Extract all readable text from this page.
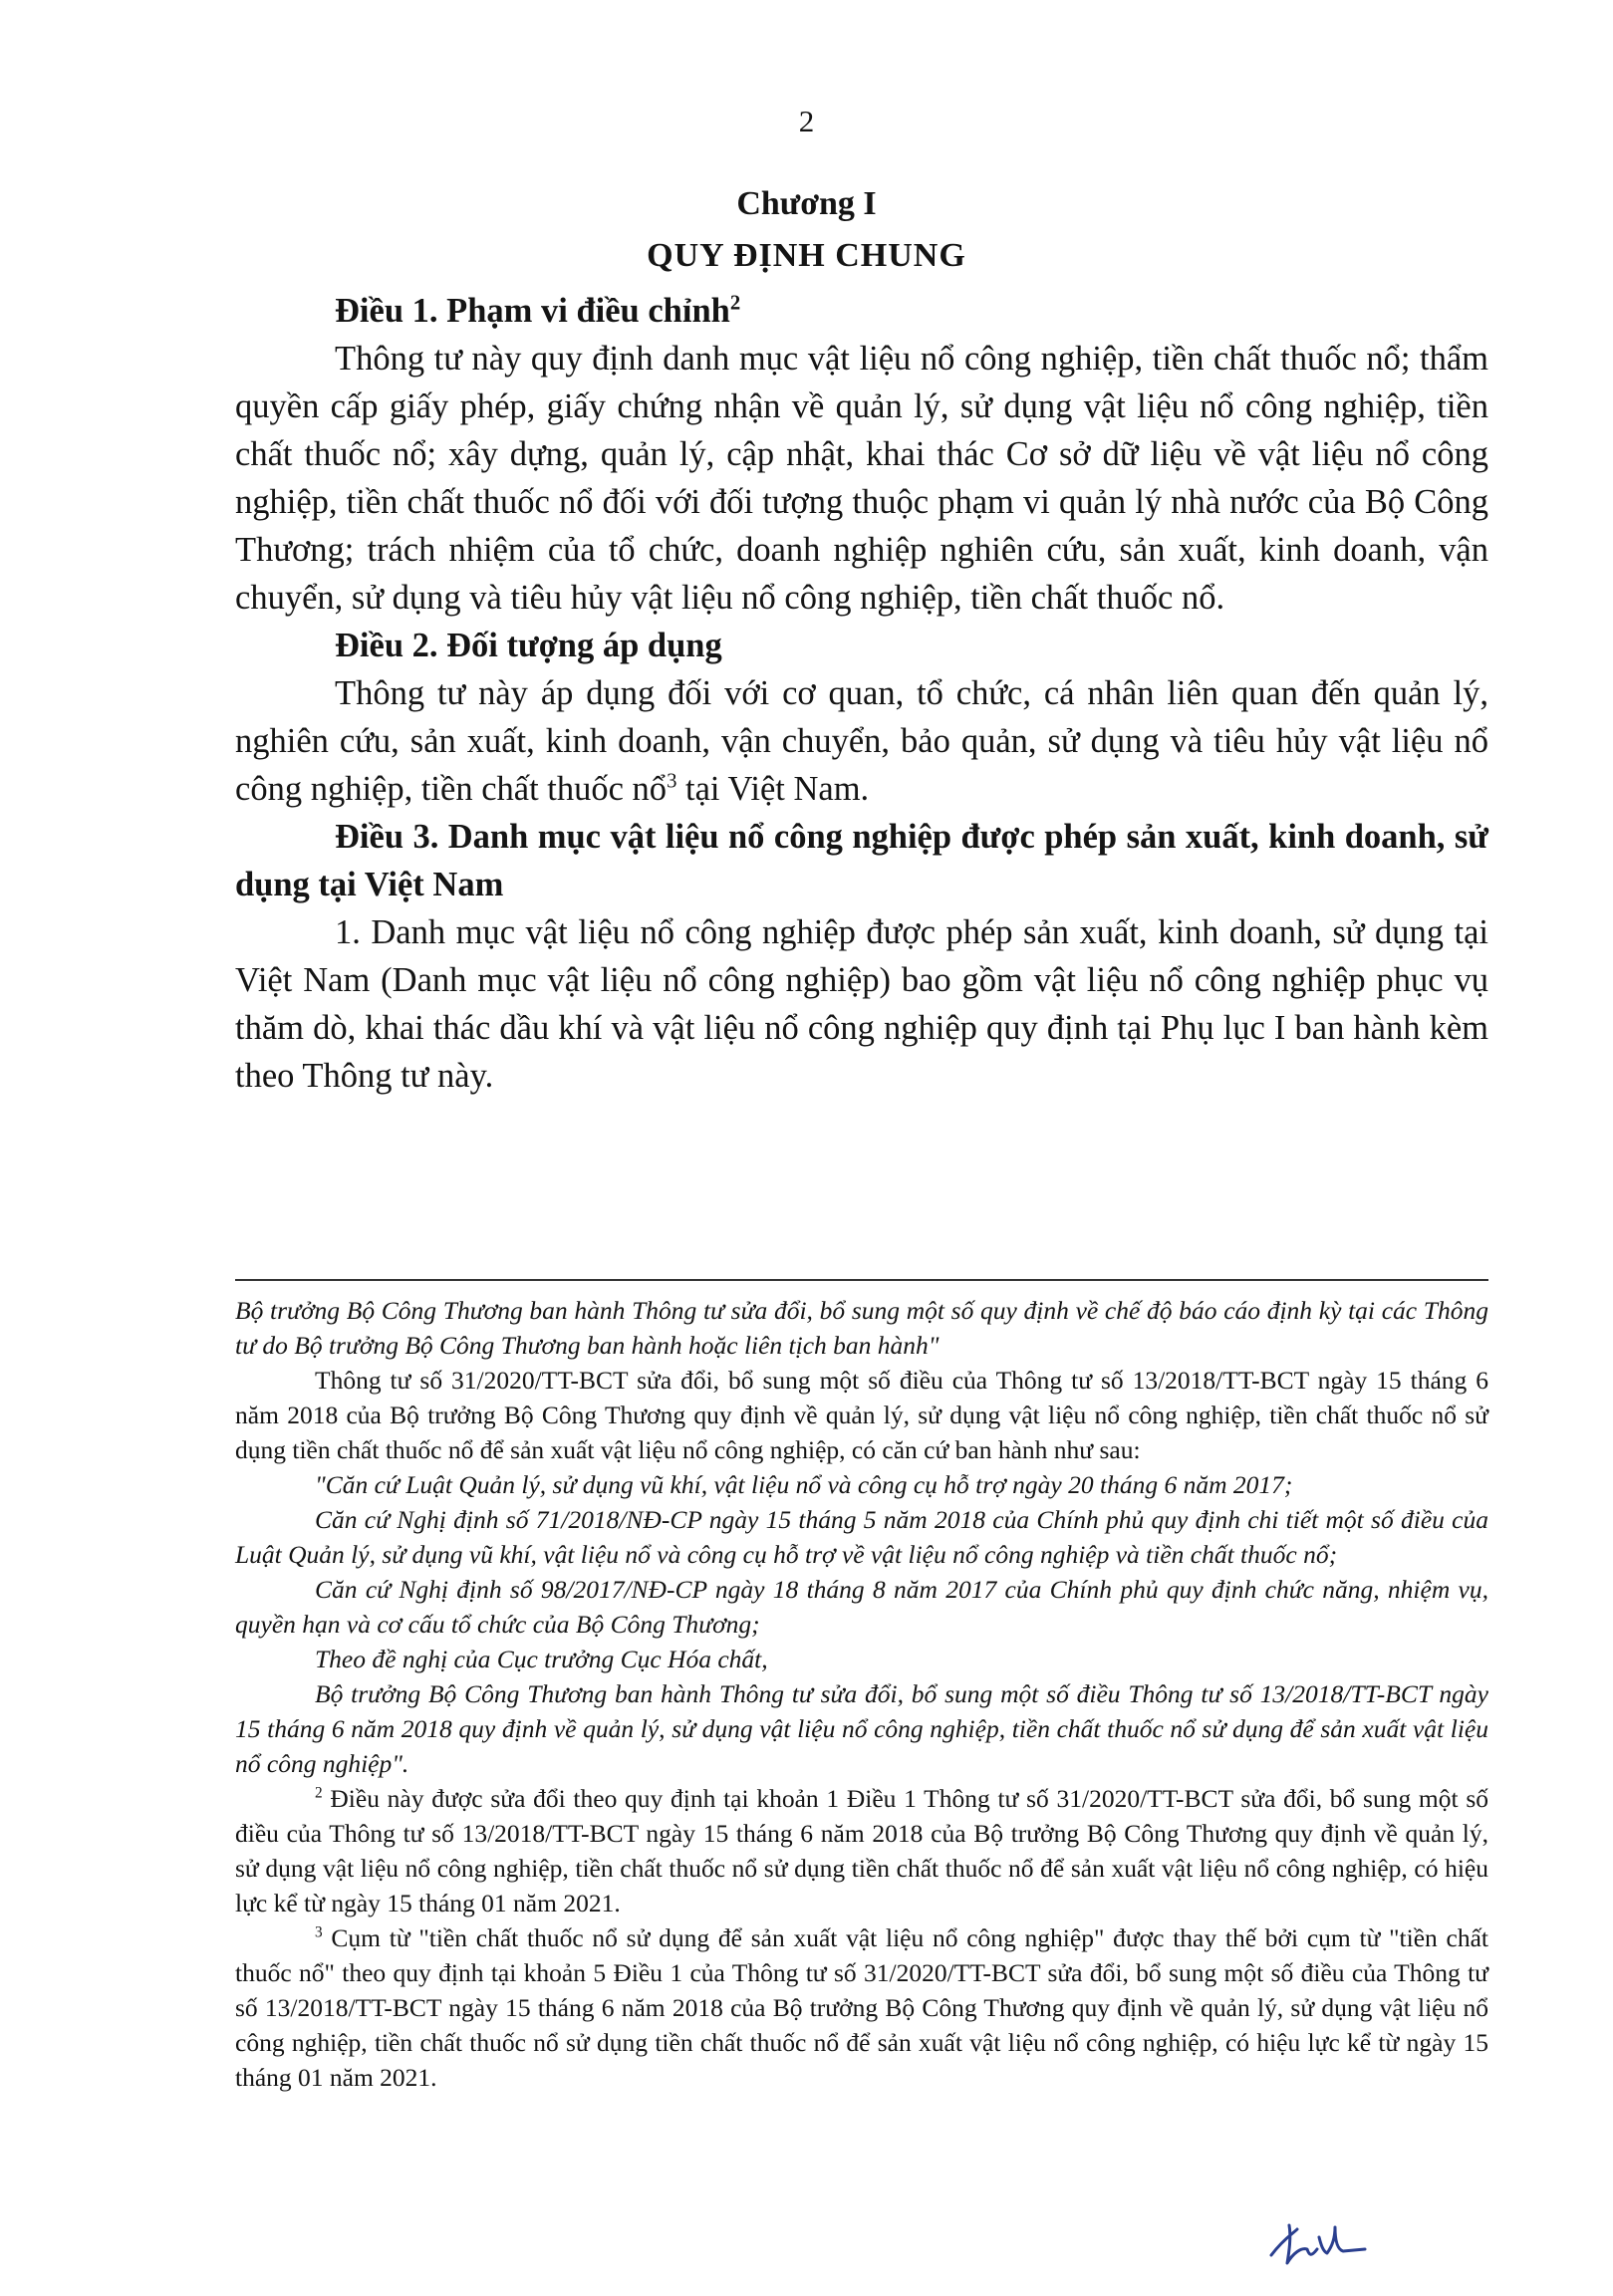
2
Chương I
QUY ĐỊNH CHUNG
Điều 1. Phạm vi điều chỉnh$^2$

Thông tư này quy định danh mục vật liệu nổ công nghiệp, tiền chất thuốc nổ; thẩm quyền cấp giấy phép, giấy chứng nhận về quản lý, sử dụng vật liệu nổ công nghiệp, tiền chất thuốc nổ; xây dựng, quản lý, cập nhật, khai thác Cơ sở dữ liệu về vật liệu nổ công nghiệp, tiền chất thuốc nổ đối với đối tượng thuộc phạm vi quản lý nhà nước của Bộ Công Thương; trách nhiệm của tổ chức, doanh nghiệp nghiên cứu, sản xuất, kinh doanh, vận chuyển, sử dụng và tiêu hủy vật liệu nổ công nghiệp, tiền chất thuốc nổ.

Điều 2. Đối tượng áp dụng

Thông tư này áp dụng đối với cơ quan, tổ chức, cá nhân liên quan đến quản lý, nghiên cứu, sản xuất, kinh doanh, vận chuyển, bảo quản, sử dụng và tiêu hủy vật liệu nổ công nghiệp, tiền chất thuốc nổ$^3$ tại Việt Nam.

Điều 3. Danh mục vật liệu nổ công nghiệp được phép sản xuất, kinh doanh, sử dụng tại Việt Nam

1. Danh mục vật liệu nổ công nghiệp được phép sản xuất, kinh doanh, sử dụng tại Việt Nam (Danh mục vật liệu nổ công nghiệp) bao gồm vật liệu nổ công nghiệp phục vụ thăm dò, khai thác dầu khí và vật liệu nổ công nghiệp quy định tại Phụ lục I ban hành kèm theo Thông tư này.

Bộ trưởng Bộ Công Thương ban hành Thông tư sửa đổi, bổ sung một số quy định về chế độ báo cáo định kỳ tại các Thông tư do Bộ trưởng Bộ Công Thương ban hành hoặc liên tịch ban hành"

Thông tư số 31/2020/TT-BCT sửa đổi, bổ sung một số điều của Thông tư số 13/2018/TT-BCT ngày 15 tháng 6 năm 2018 của Bộ trưởng Bộ Công Thương quy định về quản lý, sử dụng vật liệu nổ công nghiệp, tiền chất thuốc nổ sử dụng tiền chất thuốc nổ để sản xuất vật liệu nổ công nghiệp, có căn cứ ban hành như sau:

"Căn cứ Luật Quản lý, sử dụng vũ khí, vật liệu nổ và công cụ hỗ trợ ngày 20 tháng 6 năm 2017;

Căn cứ Nghị định số 71/2018/NĐ-CP ngày 15 tháng 5 năm 2018 của Chính phủ quy định chi tiết một số điều của Luật Quản lý, sử dụng vũ khí, vật liệu nổ và công cụ hỗ trợ về vật liệu nổ công nghiệp và tiền chất thuốc nổ;

Căn cứ Nghị định số 98/2017/NĐ-CP ngày 18 tháng 8 năm 2017 của Chính phủ quy định chức năng, nhiệm vụ, quyền hạn và cơ cấu tổ chức của Bộ Công Thương;

Theo đề nghị của Cục trưởng Cục Hóa chất,

Bộ trưởng Bộ Công Thương ban hành Thông tư sửa đổi, bổ sung một số điều Thông tư số 13/2018/TT-BCT ngày 15 tháng 6 năm 2018 quy định về quản lý, sử dụng vật liệu nổ công nghiệp, tiền chất thuốc nổ sử dụng để sản xuất vật liệu nổ công nghiệp".

$^2$ Điều này được sửa đổi theo quy định tại khoản 1 Điều 1 Thông tư số 31/2020/TT-BCT sửa đổi, bổ sung một số điều của Thông tư số 13/2018/TT-BCT ngày 15 tháng 6 năm 2018 của Bộ trưởng Bộ Công Thương quy định về quản lý, sử dụng vật liệu nổ công nghiệp, tiền chất thuốc nổ sử dụng tiền chất thuốc nổ để sản xuất vật liệu nổ công nghiệp, có hiệu lực kể từ ngày 15 tháng 01 năm 2021.

$^3$ Cụm từ "tiền chất thuốc nổ sử dụng để sản xuất vật liệu nổ công nghiệp" được thay thế bởi cụm từ "tiền chất thuốc nổ" theo quy định tại khoản 5 Điều 1 của Thông tư số 31/2020/TT-BCT sửa đổi, bổ sung một số điều của Thông tư số 13/2018/TT-BCT ngày 15 tháng 6 năm 2018 của Bộ trưởng Bộ Công Thương quy định về quản lý, sử dụng vật liệu nổ công nghiệp, tiền chất thuốc nổ sử dụng tiền chất thuốc nổ để sản xuất vật liệu nổ công nghiệp, có hiệu lực kể từ ngày 15 tháng 01 năm 2021.
